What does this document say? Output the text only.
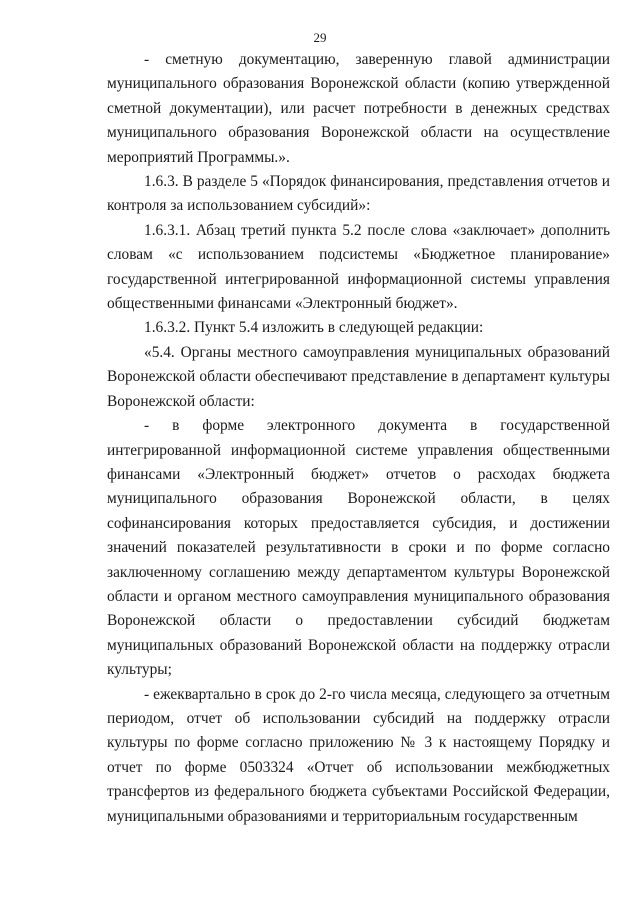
29

- сметную документацию, заверенную главой администрации муниципального образования Воронежской области (копию утвержденной сметной документации), или расчет потребности в денежных средствах муниципального образования Воронежской области на осуществление мероприятий Программы.».

1.6.3. В разделе 5 «Порядок финансирования, представления отчетов и контроля за использованием субсидий»:

1.6.3.1. Абзац третий пункта 5.2 после слова «заключает» дополнить словам «с использованием подсистемы «Бюджетное планирование» государственной интегрированной информационной системы управления общественными финансами «Электронный бюджет».

1.6.3.2. Пункт 5.4 изложить в следующей редакции:

«5.4. Органы местного самоуправления муниципальных образований Воронежской области обеспечивают представление в департамент культуры Воронежской области:

- в форме электронного документа в государственной интегрированной информационной системе управления общественными финансами «Электронный бюджет» отчетов о расходах бюджета муниципального образования Воронежской области, в целях софинансирования которых предоставляется субсидия, и достижении значений показателей результативности в сроки и по форме согласно заключенному соглашению между департаментом культуры Воронежской области и органом местного самоуправления муниципального образования Воронежской области о предоставлении субсидий бюджетам муниципальных образований Воронежской области на поддержку отрасли культуры;

- ежеквартально в срок до 2-го числа месяца, следующего за отчетным периодом, отчет об использовании субсидий на поддержку отрасли культуры по форме согласно приложению № 3 к настоящему Порядку и отчет по форме 0503324 «Отчет об использовании межбюджетных трансфертов из федерального бюджета субъектами Российской Федерации, муниципальными образованиями и территориальным государственным
